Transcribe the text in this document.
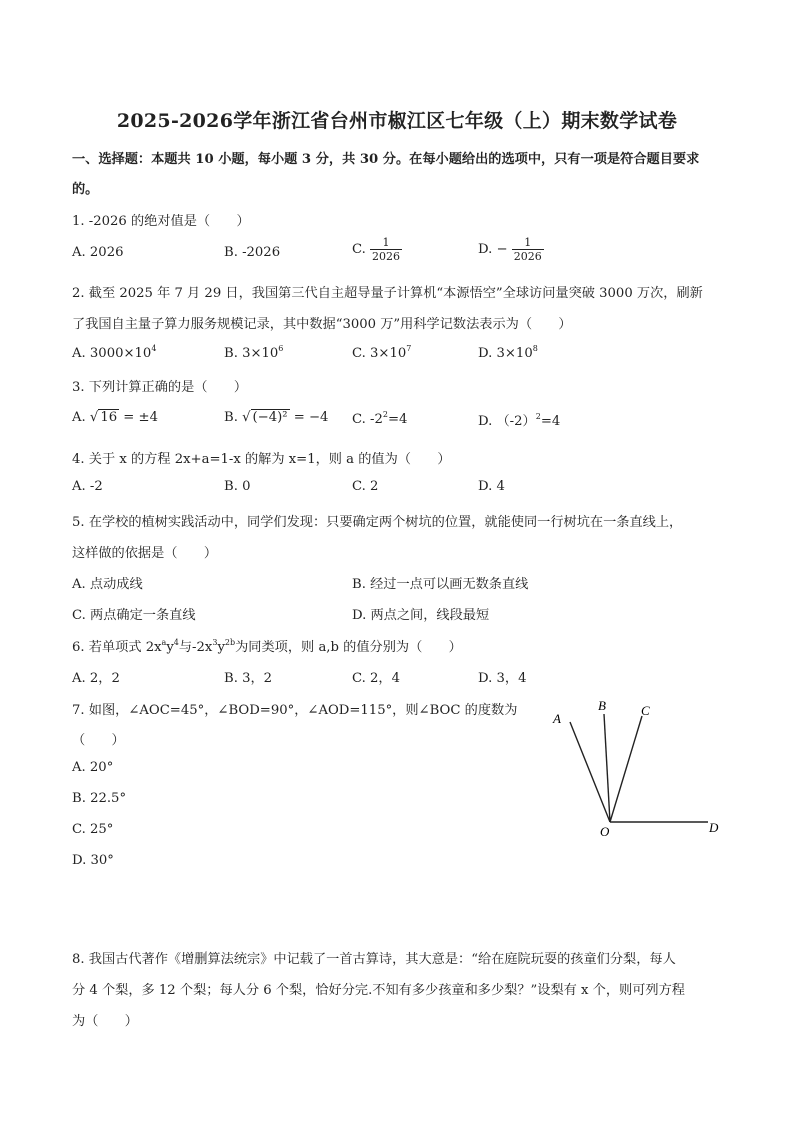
2025-2026学年浙江省台州市椒江区七年级（上）期末数学试卷
一、选择题：本题共 10 小题，每小题 3 分，共 30 分。在每小题给出的选项中，只有一项是符合题目要求
的。
1. -2026 的绝对值是（　　）
A. 2026	B. -2026	C. $\frac{1}{2026}$	D. − $\frac{1}{2026}$
2. 截至 2025 年 7 月 29 日，我国第三代自主超导量子计算机“本源悟空”全球访问量突破 3000 万次，刷新
了我国自主量子算力服务规模记录，其中数据“3000 万”用科学记数法表示为（　　）
A. $3000\times 10^4$	B. $3\times 10^6$	C. $3\times 10^7$	D. $3\times 10^8$
3. 下列计算正确的是（　　）
A. √ 16 = ±4	B. √ (−4)² = −4 C. $-2^2=4$	D. $(-2)^2=4$
4. 关于 x 的方程 2x+a=1-x 的解为 x=1，则 a 的值为（　　）
A. -2	B. 0	C. 2	D. 4
5. 在学校的植树实践活动中，同学们发现：只要确定两个树坑的位置，就能使同一行树坑在一条直线上，
这样做的依据是（　　）
A. 点动成线	B. 经过一点可以画无数条直线
C. 两点确定一条直线	D. 两点之间，线段最短
6. 若单项式 $2x^ay^4$与$-2x^3y^{2b}$为同类项，则 a,b 的值分别为（　　）
A. 2，2	B. 3，2	C. 2，4	D. 3，4
7. 如图，∠AOC=45°，∠BOD=90°，∠AOD=115°，则∠BOC 的度数为
（　　）
A. 20°
B. 22.5°
C. 25°
D. 30°
A
B	C
O	D
8. 我国古代著作《增删算法统宗》中记载了一首古算诗，其大意是：“给在庭院玩耍的孩童们分梨，每人
分 4 个梨，多 12 个梨；每人分 6 个梨，恰好分完.不知有多少孩童和多少梨？”设梨有 x 个，则可列方程
为（　　）
